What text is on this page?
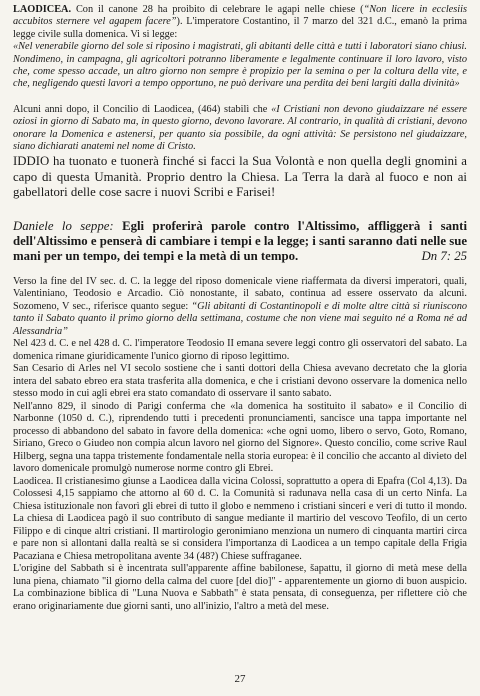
LAODICEA. Con il canone 28 ha proibito di celebrare le agapi nelle chiese (“Non licere in ecclesiis accubitos sternere vel agapem facere”). L'imperatore Costantino, il 7 marzo del 321 d.C., emanò la prima legge civile sulla domenica. Vi si legge:

«Nel venerabile giorno del sole si riposino i magistrati, gli abitanti delle città e tutti i laboratori siano chiusi. Nondimeno, in campagna, gli agricoltori potranno liberamente e legalmente continuare il loro lavoro, visto che, come spesso accade, un altro giorno non sempre è propizio per la semina o per la coltura della vite, e che, negligendo questi lavori a tempo opportuno, ne può derivare una perdita dei beni largiti dalla divinità»

Alcuni anni dopo, il Concilio di Laodicea, (464) stabilì che «I Cristiani non devono giudaizzare né essere oziosi in giorno di Sabato ma, in questo giorno, devono lavorare. Al contrario, in qualità di cristiani, devono onorare la Domenica e astenersi, per quanto sia possibile, da ogni attività: Se persistono nel giudaizzare, siano dichiarati anatemi nel nome di Cristo.

IDDIO ha tuonato e tuonerà finché si facci la Sua Volontà e non quella degli gnomini a capo di questa Umanità. Proprio dentro la Chiesa. La Terra la darà al fuoco e non ai gabellatori delle cose sacre i nuovi Scribi e Farisei!

Daniele lo seppe: Egli proferirà parole contro l'Altissimo, affliggerà i santi dell'Altissimo e penserà di cambiare i tempi e la legge; i santi saranno dati nelle sue mani per un tempo, dei tempi e la metà di un tempo.	Dn 7: 25

Verso la fine del IV sec. d. C. la legge del riposo domenicale viene riaffermata da diversi imperatori, quali, Valentiniano, Teodosio e Arcadio. Ciò nonostante, il sabato, continua ad essere osservato da alcuni. Sozomeno, V sec., riferisce quanto segue: “Gli abitanti di Costantinopoli e di molte altre città si riuniscono tanto il Sabato quanto il primo giorno della settimana, costume che non viene mai seguito né a Roma né ad Alessandria”

Nel 423 d. C. e nel 428 d. C. l'imperatore Teodosio II emana severe leggi contro gli osservatori del sabato. La domenica rimane giuridicamente l'unico giorno di riposo legittimo.

San Cesario di Arles nel VI secolo sostiene che i santi dottori della Chiesa avevano decretato che la gloria intera del sabato ebreo era stata trasferita alla domenica, e che i cristiani devono osservare la domenica nello stesso modo in cui agli ebrei era stato comandato di osservare il santo sabato.

Nell'anno 829, il sinodo di Parigi conferma che «la domenica ha sostituito il sabato» e il Concilio di Narbonne (1050 d. C.), riprendendo tutti i precedenti pronunciamenti, sancisce una tappa importante nel processo di abbandono del sabato in favore della domenica: «che ogni uomo, libero o servo, Goto, Romano, Siriano, Greco o Giudeo non compia alcun lavoro nel giorno del Signore». Questo concilio, come scrive Raul Hilberg, segna una tappa tristemente fondamentale nella storia europea: è il concilio che accanto al divieto del lavoro domenicale promulgò numerose norme contro gli Ebrei.

Laodicea. Il cristianesimo giunse a Laodicea dalla vicina Colossi, soprattutto a opera di Epafra (Col 4,13). Da Colossesi 4,15 sappiamo che attorno al 60 d. C. la Comunità si radunava nella casa di un certo Ninfa. La Chiesa istituzionale non favorì gli ebrei di tutto il globo e nemmeno i cristiani sinceri e veri di tutto il mondo. La chiesa di Laodicea pagò il suo contributo di sangue mediante il martirio del vescovo Teofilo, di un certo Filippo e di cinque altri cristiani. Il martirologio geronimiano menziona un numero di cinquanta martiri circa e pare non si allontani dalla realtà se si considera l'importanza di Laodicea a un tempo capitale della Frigia Pacaziana e Chiesa metropolitana avente 34 (48?) Chiese suffraganee.

L'origine del Sabbath si è incentrata sull'apparente affine babilonese, šapattu, il giorno di metà mese della luna piena, chiamato "il giorno della calma del cuore [del dio]" - apparentemente un giorno di buon auspicio. La combinazione biblica di "Luna Nuova e Sabbath" è stata pensata, di conseguenza, per riflettere ciò che erano originariamente due giorni santi, uno all'inizio, l'altro a metà del mese.

27
